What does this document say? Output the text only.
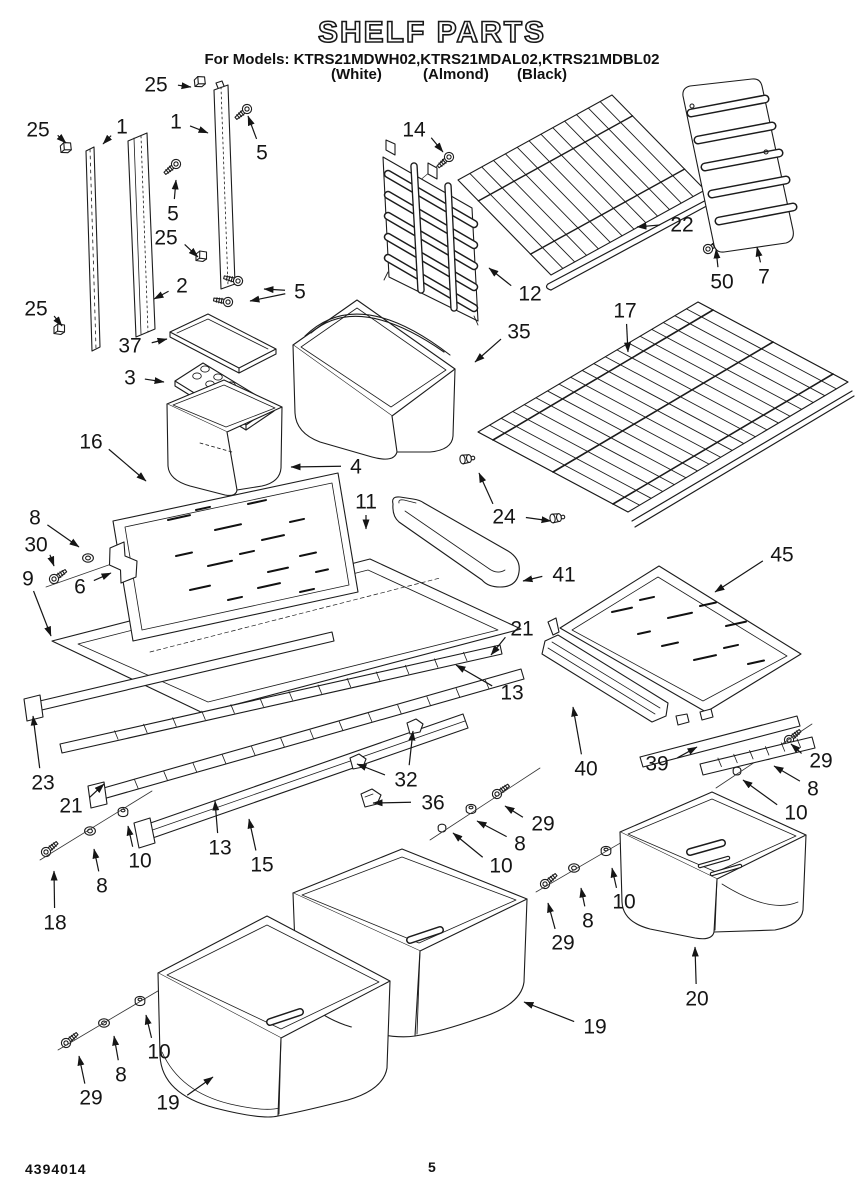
SHELF PARTS
For Models: KTRS21MDWH02,KTRS21MDAL02,KTRS21MDBL02
(White)	(Almond) (Black)
25
1 1
5
25
5
25
2	5
25
37
3
16
14
12
35
22
50 7
17
4
24
11
41
45
8
30
9 6
21
13
23
21
10
8
18
13
15
32
36
29
8
10
40 39	29
8
10
29
8
10
20
19
10
8
29	19
4394014	5
